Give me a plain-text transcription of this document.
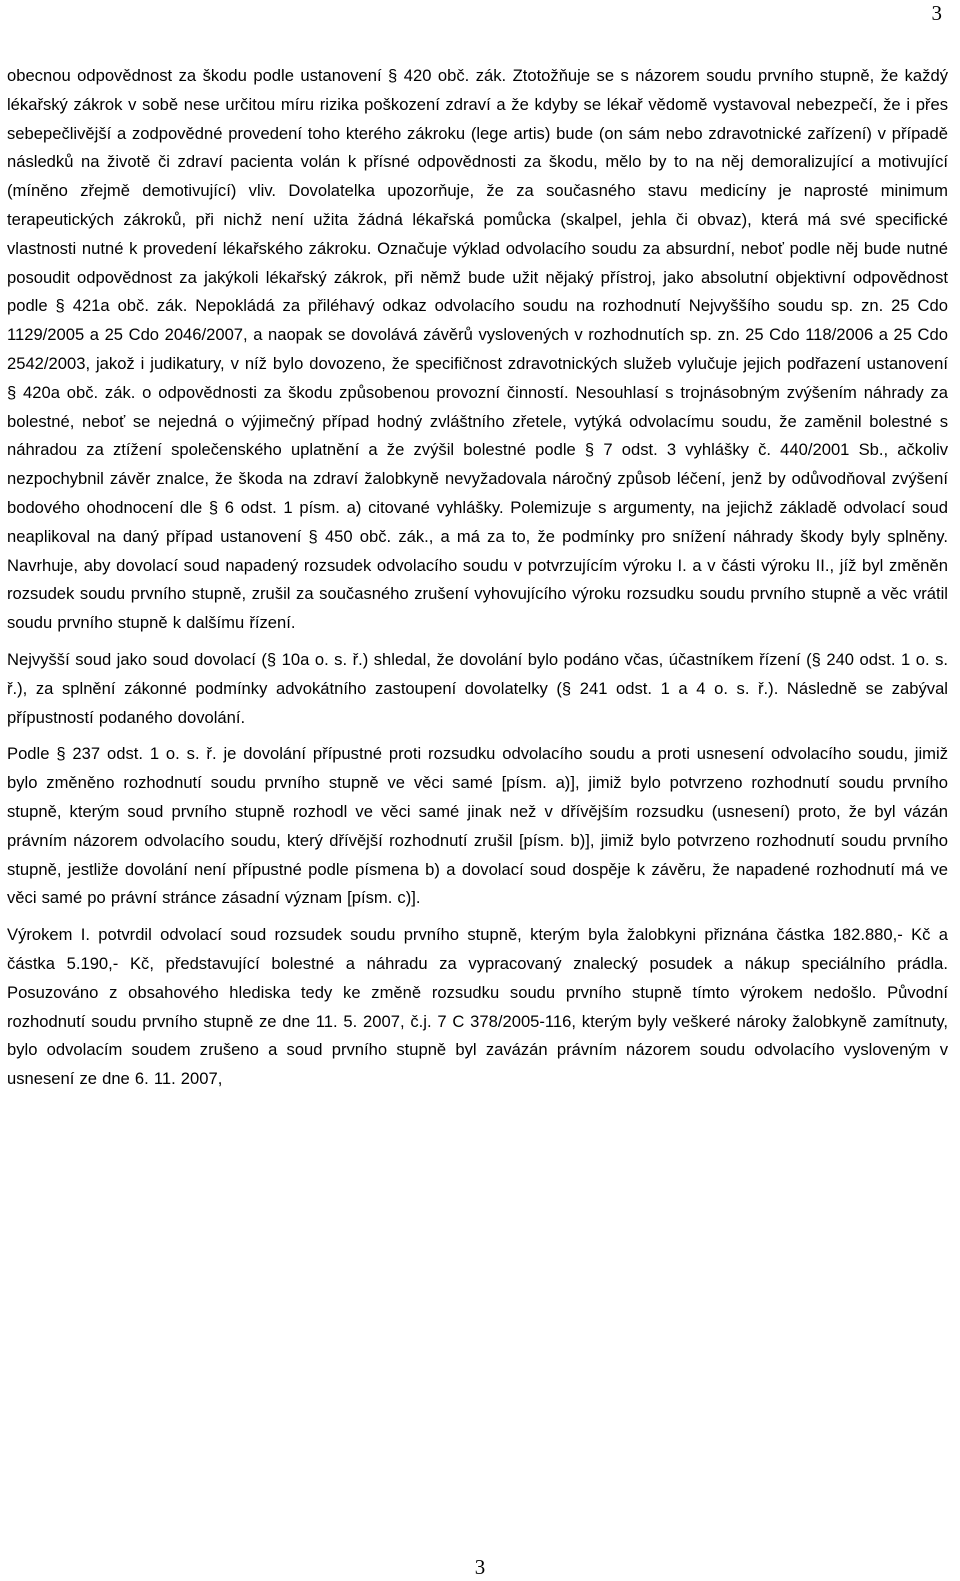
3

obecnou odpovědnost za škodu podle ustanovení § 420 obč. zák. Ztotožňuje se s názorem soudu prvního stupně, že každý lékařský zákrok v sobě nese určitou míru rizika poškození zdraví a že kdyby se lékař vědomě vystavoval nebezpečí, že i přes sebepečlivější a zodpovědné provedení toho kterého zákroku (lege artis) bude (on sám nebo zdravotnické zařízení) v případě následků na životě či zdraví pacienta volán k přísné odpovědnosti za škodu, mělo by to na něj demoralizující a motivující (míněno zřejmě demotivující) vliv. Dovolatelka upozorňuje, že za současného stavu medicíny je naprosté minimum terapeutických zákroků, při nichž není užita žádná lékařská pomůcka (skalpel, jehla či obvaz), která má své specifické vlastnosti nutné k provedení lékařského zákroku. Označuje výklad odvolacího soudu za absurdní, neboť podle něj bude nutné posoudit odpovědnost za jakýkoli lékařský zákrok, při němž bude užit nějaký přístroj, jako absolutní objektivní odpovědnost podle § 421a obč. zák. Nepokládá za přiléhavý odkaz odvolacího soudu na rozhodnutí Nejvyššího soudu sp. zn. 25 Cdo 1129/2005 a 25 Cdo 2046/2007, a naopak se dovolává závěrů vyslovených v rozhodnutích sp. zn. 25 Cdo 118/2006 a 25 Cdo 2542/2003, jakož i judikatury, v níž bylo dovozeno, že specifičnost zdravotnických služeb vylučuje jejich podřazení ustanovení § 420a obč. zák. o odpovědnosti za škodu způsobenou provozní činností. Nesouhlasí s trojnásobným zvýšením náhrady za bolestné, neboť se nejedná o výjimečný případ hodný zvláštního zřetele, vytýká odvolacímu soudu, že zaměnil bolestné s náhradou za ztížení společenského uplatnění a že zvýšil bolestné podle § 7 odst. 3 vyhlášky č. 440/2001 Sb., ačkoliv nezpochybnil závěr znalce, že škoda na zdraví žalobkyně nevyžadovala náročný způsob léčení, jenž by odůvodňoval zvýšení bodového ohodnocení dle § 6 odst. 1 písm. a) citované vyhlášky. Polemizuje s argumenty, na jejichž základě odvolací soud neaplikoval na daný případ ustanovení § 450 obč. zák., a má za to, že podmínky pro snížení náhrady škody byly splněny. Navrhuje, aby dovolací soud napadený rozsudek odvolacího soudu v potvrzujícím výroku I. a v části výroku II., jíž byl změněn rozsudek soudu prvního stupně, zrušil za současného zrušení vyhovujícího výroku rozsudku soudu prvního stupně a věc vrátil soudu prvního stupně k dalšímu řízení.

Nejvyšší soud jako soud dovolací (§ 10a o. s. ř.) shledal, že dovolání bylo podáno včas, účastníkem řízení (§ 240 odst. 1 o. s. ř.), za splnění zákonné podmínky advokátního zastoupení dovolatelky (§ 241 odst. 1 a 4 o. s. ř.). Následně se zabýval přípustností podaného dovolání.

Podle § 237 odst. 1 o. s. ř. je dovolání přípustné proti rozsudku odvolacího soudu a proti usnesení odvolacího soudu, jimiž bylo změněno rozhodnutí soudu prvního stupně ve věci samé [písm. a)], jimiž bylo potvrzeno rozhodnutí soudu prvního stupně, kterým soud prvního stupně rozhodl ve věci samé jinak než v dřívějším rozsudku (usnesení) proto, že byl vázán právním názorem odvolacího soudu, který dřívější rozhodnutí zrušil [písm. b)], jimiž bylo potvrzeno rozhodnutí soudu prvního stupně, jestliže dovolání není přípustné podle písmena b) a dovolací soud dospěje k závěru, že napadené rozhodnutí má ve věci samé po právní stránce zásadní význam [písm. c)].

Výrokem I. potvrdil odvolací soud rozsudek soudu prvního stupně, kterým byla žalobkyni přiznána částka 182.880,- Kč a částka 5.190,- Kč, představující bolestné a náhradu za vypracovaný znalecký posudek a nákup speciálního prádla. Posuzováno z obsahového hlediska tedy ke změně rozsudku soudu prvního stupně tímto výrokem nedošlo. Původní rozhodnutí soudu prvního stupně ze dne 11. 5. 2007, č.j. 7 C 378/2005-116, kterým byly veškeré nároky žalobkyně zamítnuty, bylo odvolacím soudem zrušeno a soud prvního stupně byl zavázán právním názorem soudu odvolacího vysloveným v usnesení ze dne 6. 11. 2007,

3
